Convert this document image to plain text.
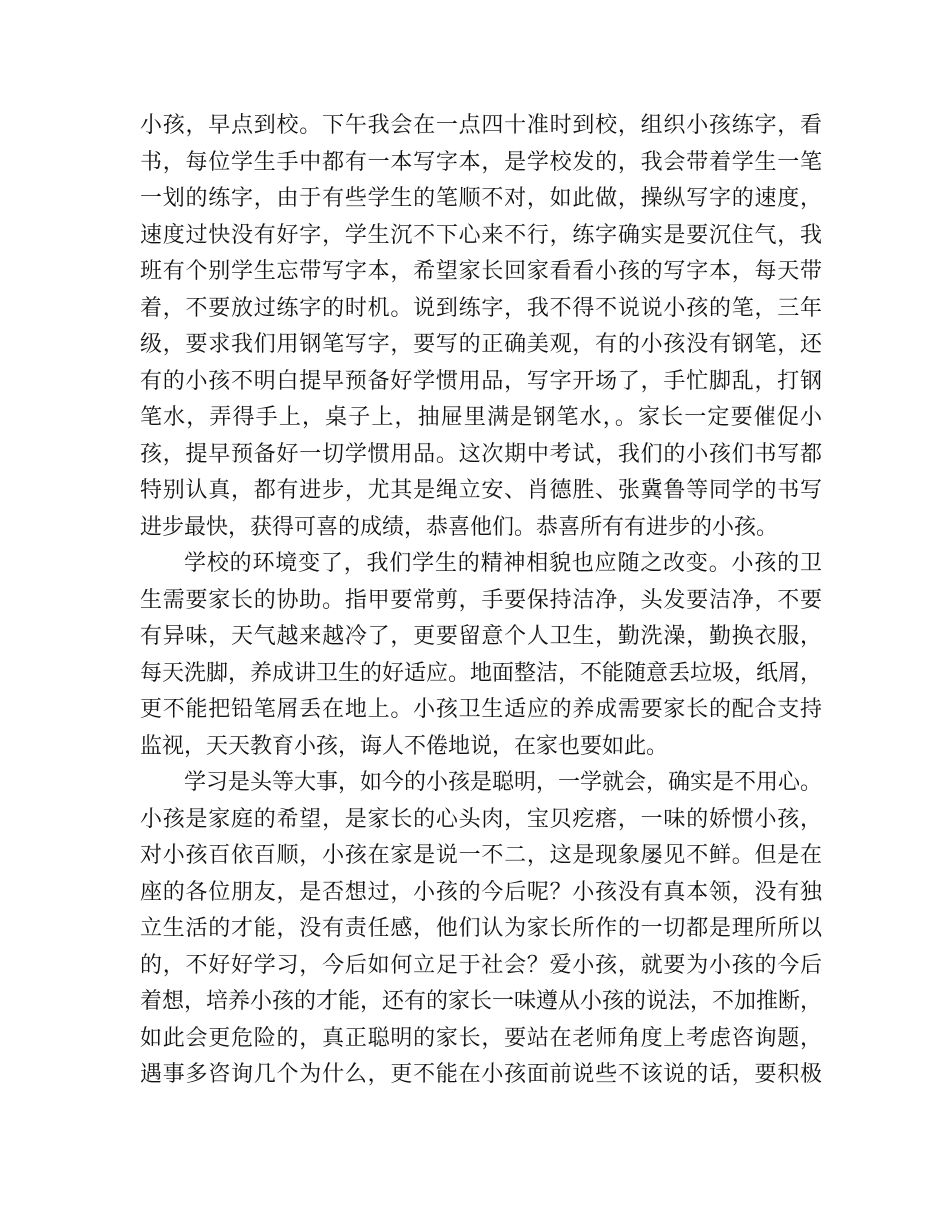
小孩，早点到校。下午我会在一点四十准时到校，组织小孩练字，看
书，每位学生手中都有一本写字本，是学校发的，我会带着学生一笔
一划的练字，由于有些学生的笔顺不对，如此做，操纵写字的速度，
速度过快没有好字，学生沉不下心来不行，练字确实是要沉住气，我
班有个别学生忘带写字本，希望家长回家看看小孩的写字本，每天带
着，不要放过练字的时机。说到练字，我不得不说说小孩的笔，三年
级，要求我们用钢笔写字，要写的正确美观，有的小孩没有钢笔，还
有的小孩不明白提早预备好学惯用品，写字开场了，手忙脚乱，打钢
笔水，弄得手上，桌子上，抽屉里满是钢笔水，。家长一定要催促小
孩，提早预备好一切学惯用品。这次期中考试，我们的小孩们书写都
特别认真，都有进步，尤其是绳立安、肖德胜、张冀鲁等同学的书写
进步最快，获得可喜的成绩，恭喜他们。恭喜所有有进步的小孩。
学校的环境变了，我们学生的精神相貌也应随之改变。小孩的卫
生需要家长的协助。指甲要常剪，手要保持洁净，头发要洁净，不要
有异味，天气越来越冷了，更要留意个人卫生，勤洗澡，勤换衣服，
每天洗脚，养成讲卫生的好适应。地面整洁，不能随意丢垃圾，纸屑，
更不能把铅笔屑丢在地上。小孩卫生适应的养成需要家长的配合支持
监视，天天教育小孩，诲人不倦地说，在家也要如此。
学习是头等大事，如今的小孩是聪明，一学就会，确实是不用心。
小孩是家庭的希望，是家长的心头肉，宝贝疙瘩，一味的娇惯小孩，
对小孩百依百顺，小孩在家是说一不二，这是现象屡见不鲜。但是在
座的各位朋友，是否想过，小孩的今后呢？小孩没有真本领，没有独
立生活的才能，没有责任感，他们认为家长所作的一切都是理所所以
的，不好好学习，今后如何立足于社会？爱小孩，就要为小孩的今后
着想，培养小孩的才能，还有的家长一味遵从小孩的说法，不加推断，
如此会更危险的，真正聪明的家长，要站在老师角度上考虑咨询题，
遇事多咨询几个为什么，更不能在小孩面前说些不该说的话，要积极
